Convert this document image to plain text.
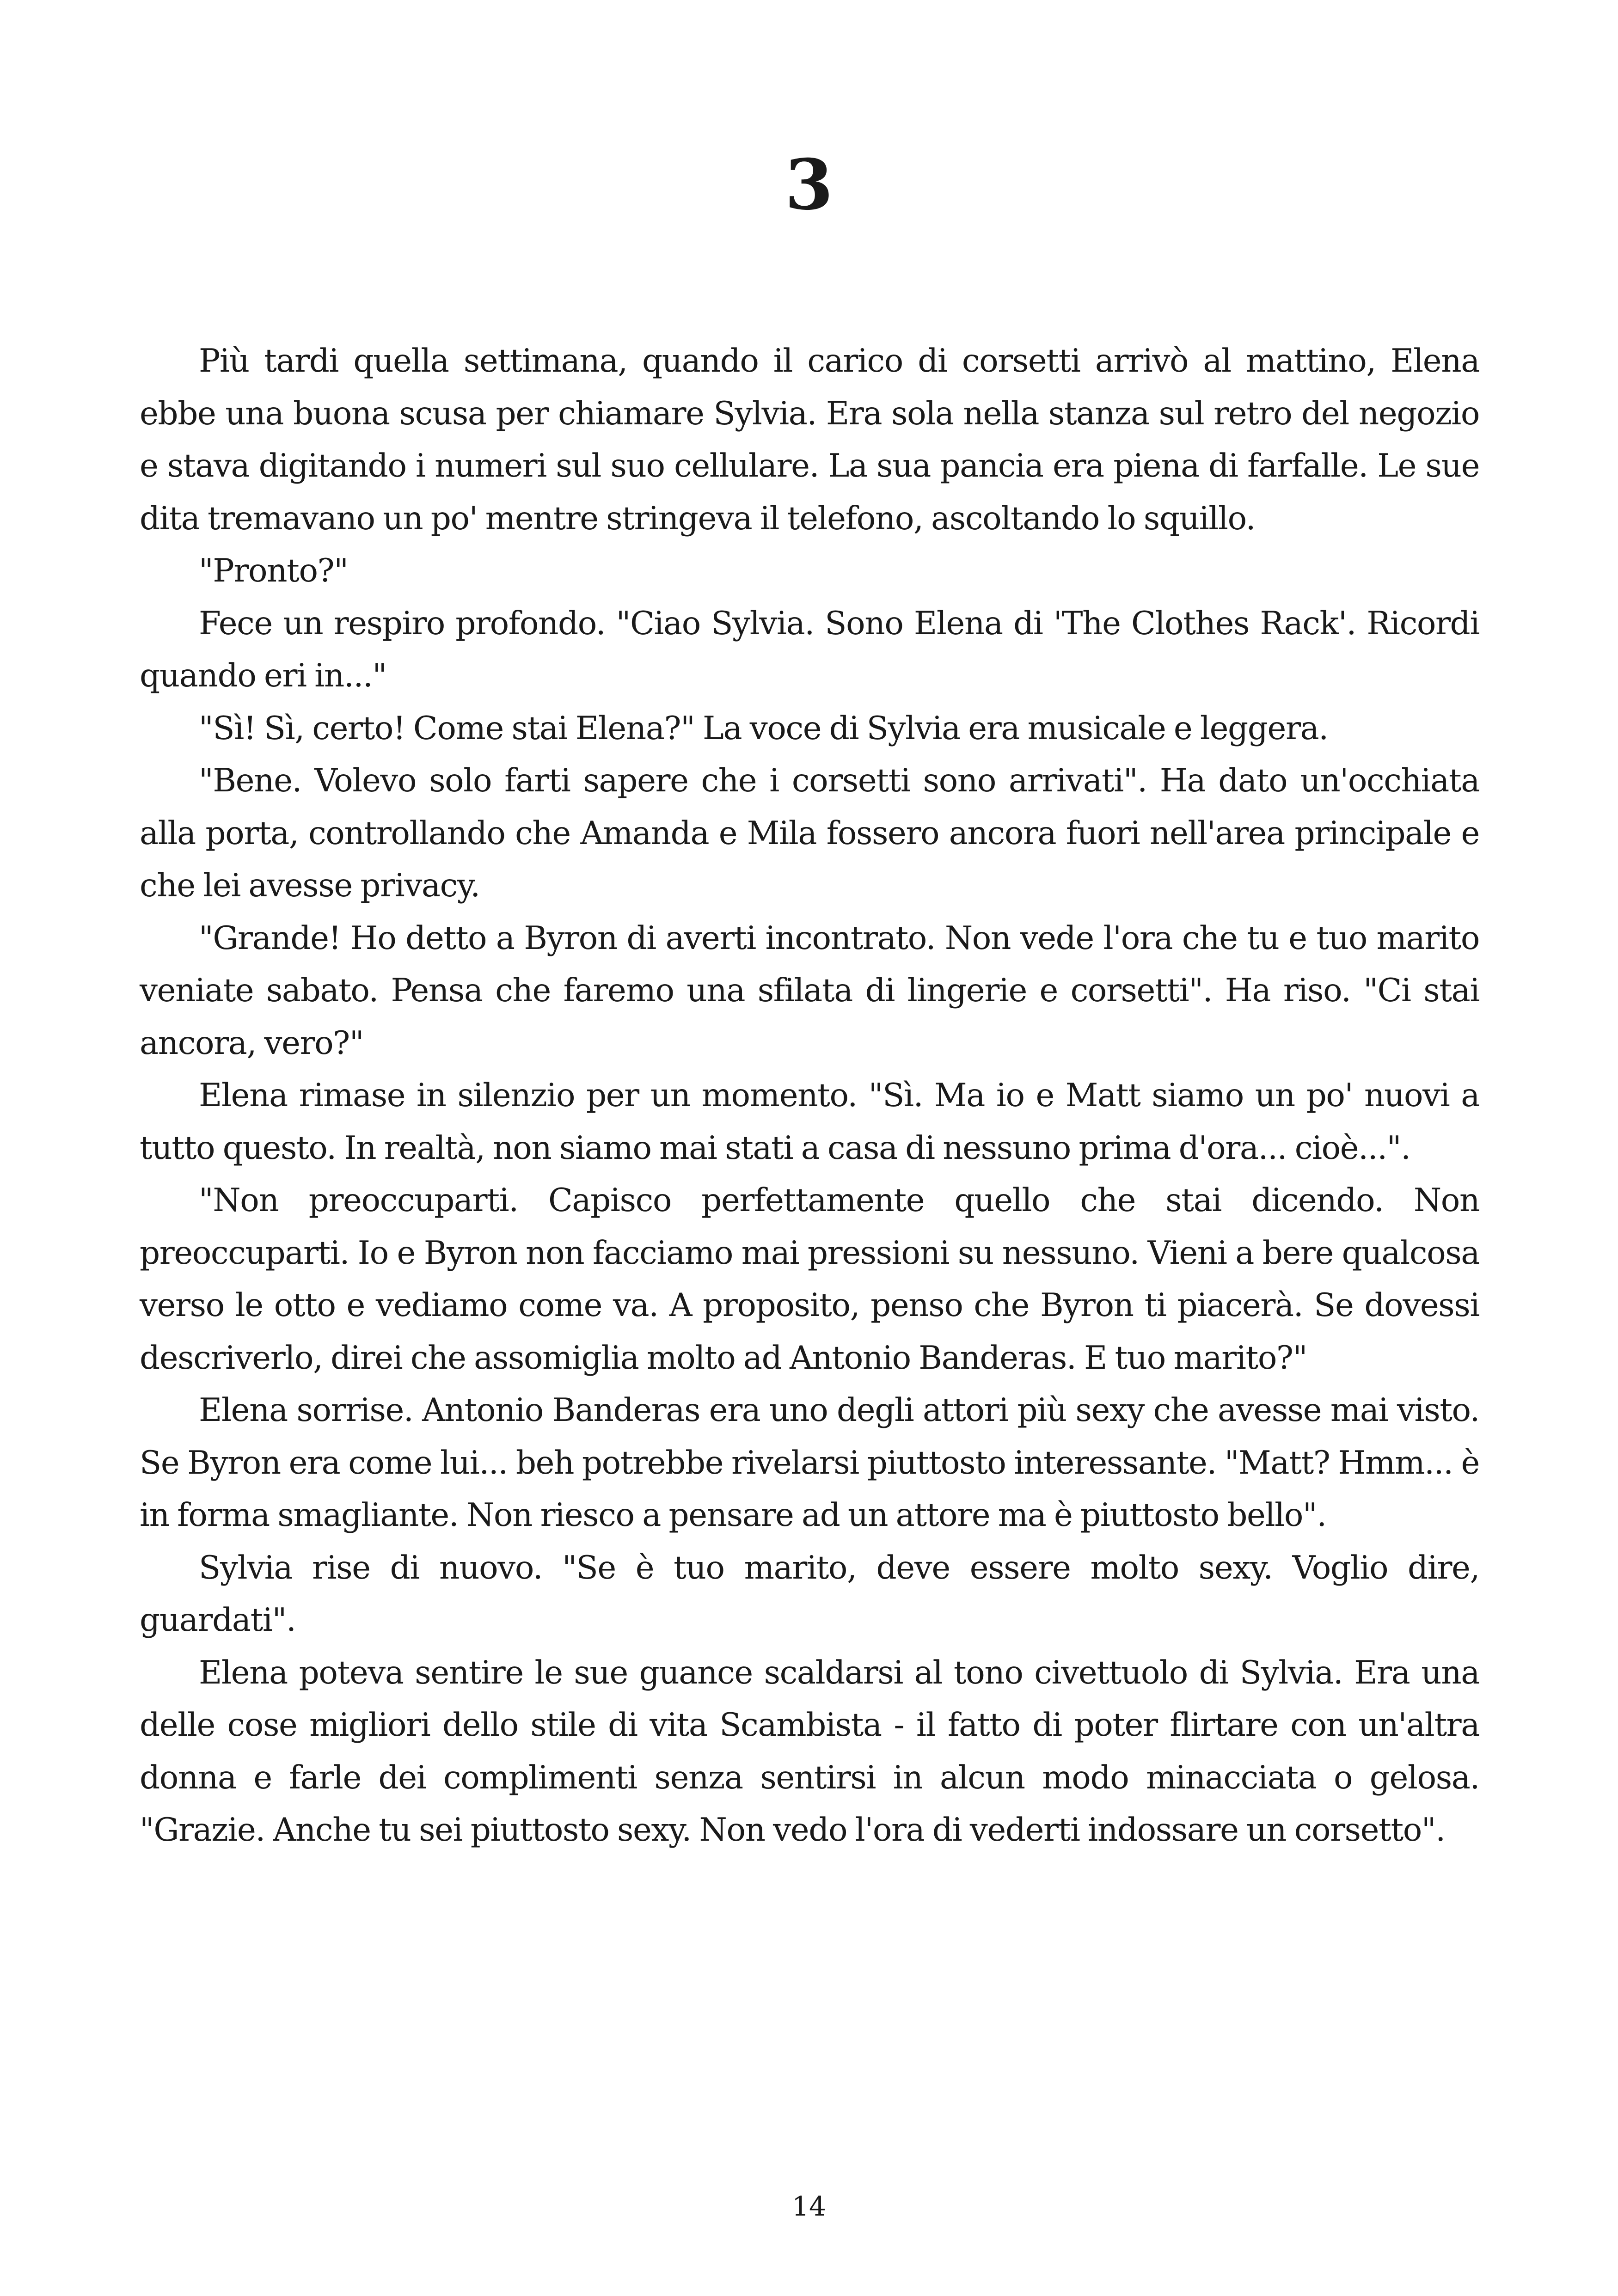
3

Più tardi quella settimana, quando il carico di corsetti arrivò al mattino, Elena ebbe una buona scusa per chiamare Sylvia. Era sola nella stanza sul retro del negozio e stava digitando i numeri sul suo cellulare. La sua pancia era piena di farfalle. Le sue dita tremavano un po' mentre stringeva il telefono, ascoltando lo squillo.

"Pronto?"

Fece un respiro profondo. "Ciao Sylvia. Sono Elena di 'The Clothes Rack'. Ricordi quando eri in..."

"Sì! Sì, certo! Come stai Elena?" La voce di Sylvia era musicale e leggera.

"Bene. Volevo solo farti sapere che i corsetti sono arrivati". Ha dato un'occhiata alla porta, controllando che Amanda e Mila fossero ancora fuori nell'area principale e che lei avesse privacy.

"Grande! Ho detto a Byron di averti incontrato. Non vede l'ora che tu e tuo marito veniate sabato. Pensa che faremo una sfilata di lingerie e corsetti". Ha riso. "Ci stai ancora, vero?"

Elena rimase in silenzio per un momento. "Sì. Ma io e Matt siamo un po' nuovi a tutto questo. In realtà, non siamo mai stati a casa di nessuno prima d'ora... cioè...".

"Non preoccuparti. Capisco perfettamente quello che stai dicendo. Non preoccuparti. Io e Byron non facciamo mai pressioni su nessuno. Vieni a bere qualcosa verso le otto e vediamo come va. A proposito, penso che Byron ti piacerà. Se dovessi descriverlo, direi che assomiglia molto ad Antonio Banderas. E tuo marito?"

Elena sorrise. Antonio Banderas era uno degli attori più sexy che avesse mai visto. Se Byron era come lui... beh potrebbe rivelarsi piuttosto interessante. "Matt? Hmm... è in forma smagliante. Non riesco a pensare ad un attore ma è piuttosto bello".

Sylvia rise di nuovo. "Se è tuo marito, deve essere molto sexy. Voglio dire, guardati".

Elena poteva sentire le sue guance scaldarsi al tono civettuolo di Sylvia. Era una delle cose migliori dello stile di vita Scambista - il fatto di poter flirtare con un'altra donna e farle dei complimenti senza sentirsi in alcun modo minacciata o gelosa. "Grazie. Anche tu sei piuttosto sexy. Non vedo l'ora di vederti indossare un corsetto".

14
